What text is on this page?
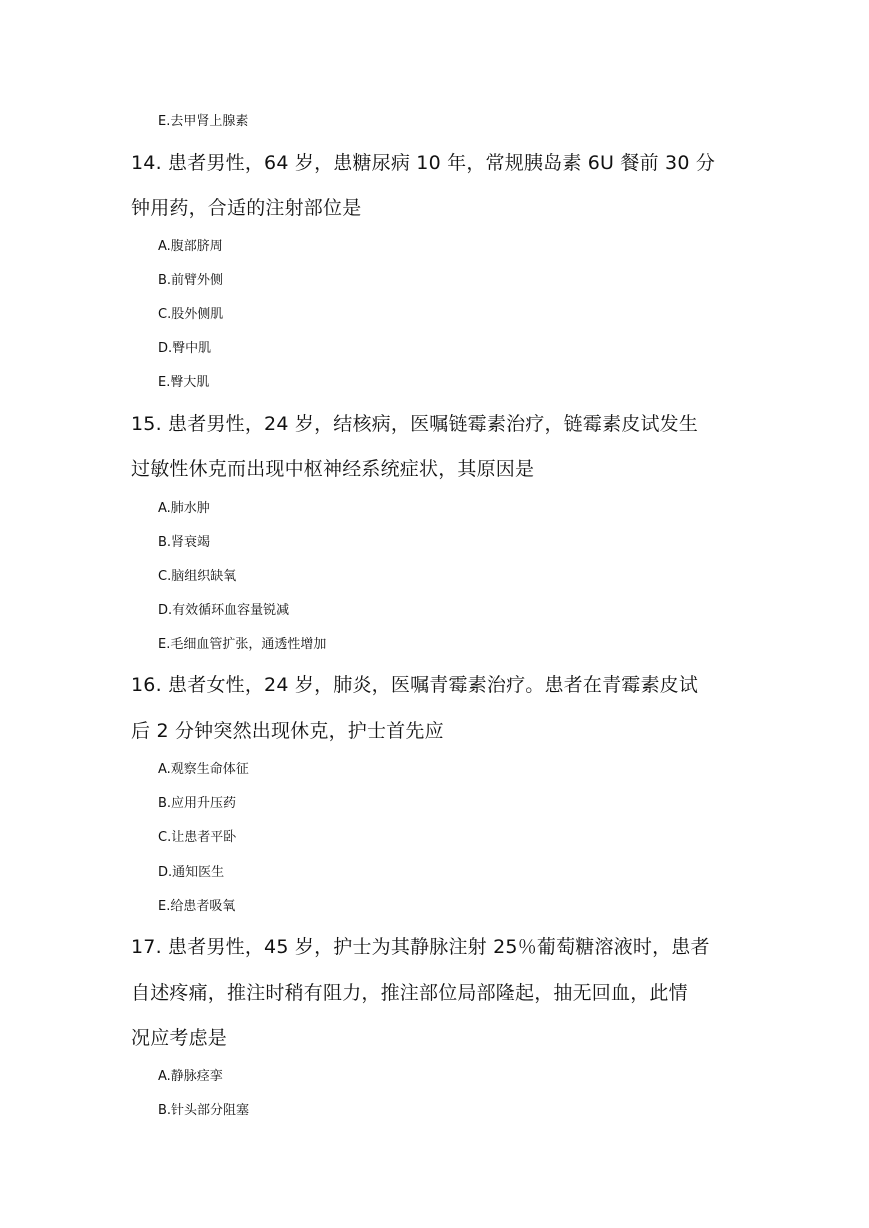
E.去甲肾上腺素
14. 患者男性，64 岁，患糖尿病 10 年，常规胰岛素 6U 餐前 30 分
钟用药，合适的注射部位是
A.腹部脐周
B.前臂外侧
C.股外侧肌
D.臀中肌
E.臀大肌
15. 患者男性，24 岁，结核病，医嘱链霉素治疗，链霉素皮试发生
过敏性休克而出现中枢神经系统症状，其原因是
A.肺水肿
B.肾衰竭
C.脑组织缺氧
D.有效循环血容量锐减
E.毛细血管扩张，通透性增加
16. 患者女性，24 岁，肺炎，医嘱青霉素治疗。患者在青霉素皮试
后 2 分钟突然出现休克，护士首先应
A.观察生命体征
B.应用升压药
C.让患者平卧
D.通知医生
E.给患者吸氧
17. 患者男性，45 岁，护士为其静脉注射 25％葡萄糖溶液时，患者
自述疼痛，推注时稍有阻力，推注部位局部隆起，抽无回血，此情
况应考虑是
A.静脉痉挛
B.针头部分阻塞
